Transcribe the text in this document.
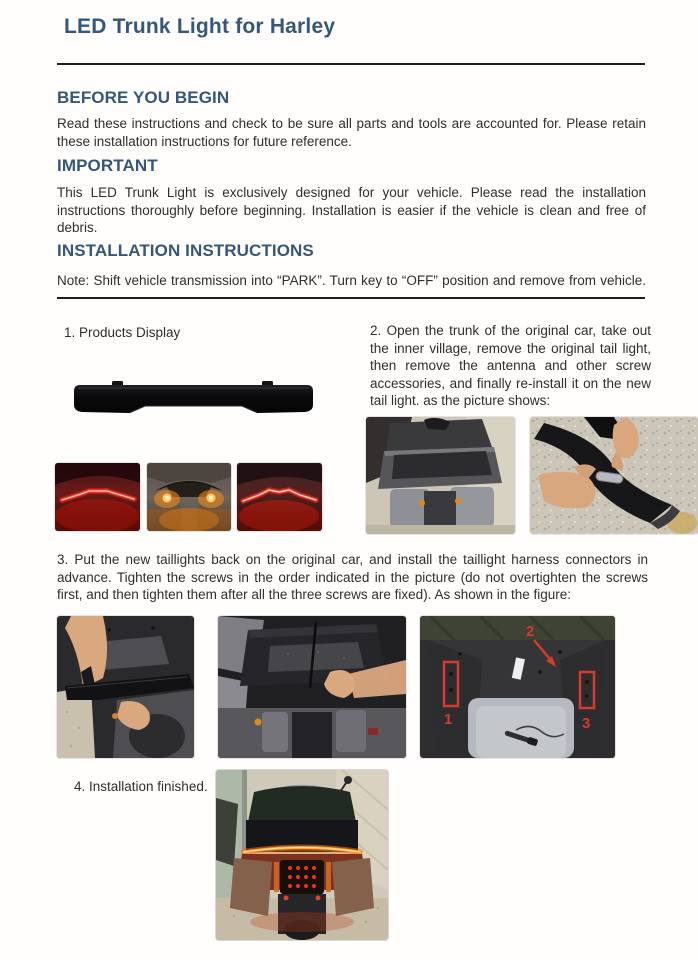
LED Trunk Light for Harley
BEFORE YOU BEGIN

Read these instructions and check to be sure all parts and tools are accounted for. Please retain these installation instructions for future reference.

IMPORTANT

This LED Trunk Light is exclusively designed for your vehicle. Please read the installation instructions thoroughly before beginning. Installation is easier if the vehicle is clean and free of debris.

INSTALLATION INSTRUCTIONS

Note: Shift vehicle transmission into “PARK”. Turn key to “OFF” position and remove from vehicle.

1. Products Display	2. Open the trunk of the original car, take out the inner village, remove the original tail light, then remove the antenna and other screw accessories, and finally re-install it on the new tail light. as the picture shows:

3. Put the new taillights back on the original car, and install the taillight harness connectors in advance. Tighten the screws in the order indicated in the picture (do not overtighten the screws first, and then tighten them after all the three screws are fixed). As shown in the figure:

1
2
3
4. Installation finished.
